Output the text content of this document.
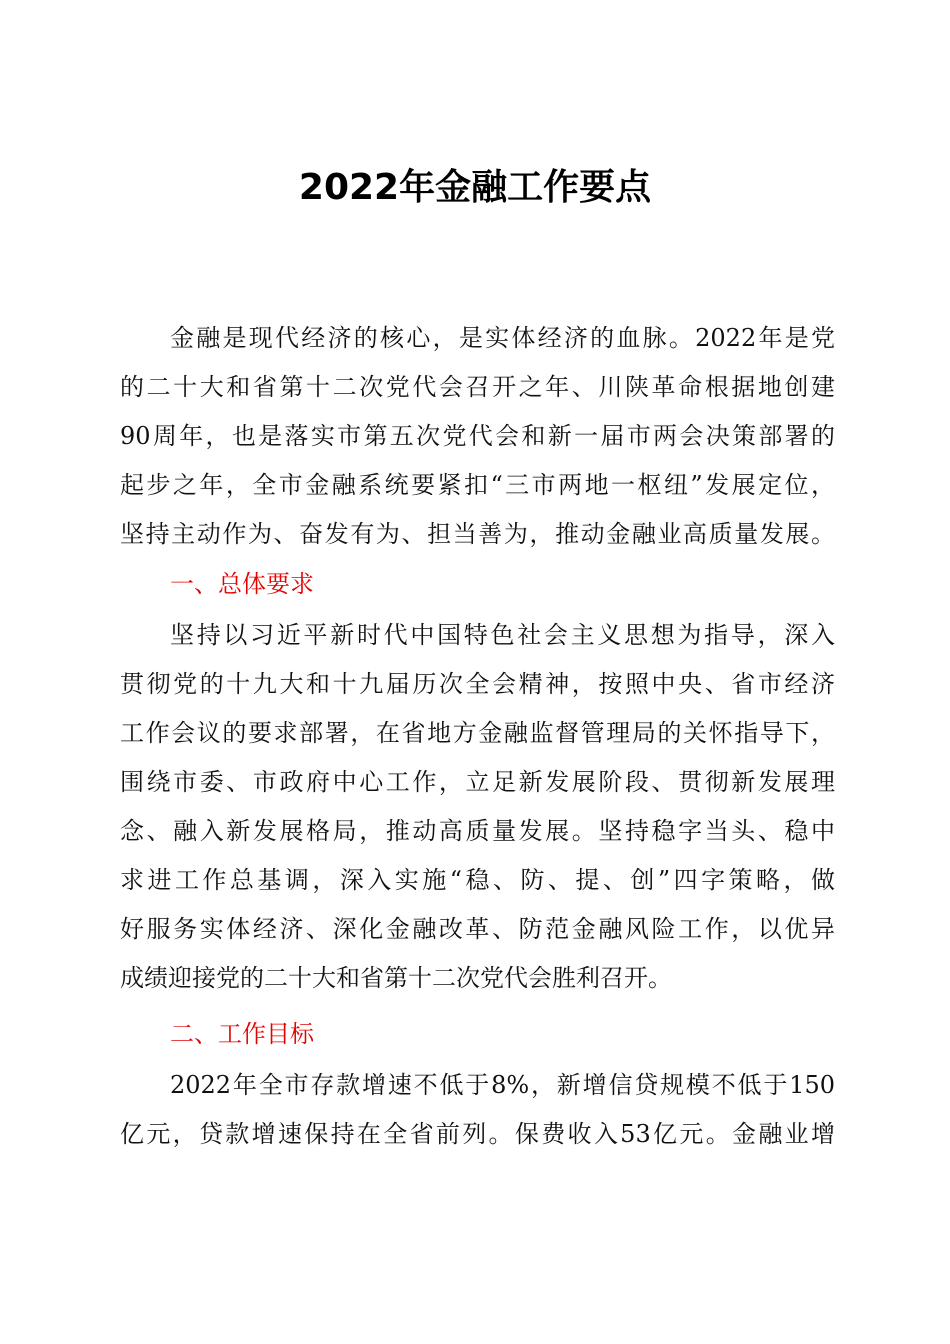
2022年金融工作要点
金融是现代经济的核心，是实体经济的血脉。2022年是党
的二十大和省第十二次党代会召开之年、川陕革命根据地创建
90周年，也是落实市第五次党代会和新一届市两会决策部署的
起步之年，全市金融系统要紧扣“三市两地一枢纽”发展定位，
坚持主动作为、奋发有为、担当善为，推动金融业高质量发展。
一、总体要求
坚持以习近平新时代中国特色社会主义思想为指导，深入
贯彻党的十九大和十九届历次全会精神，按照中央、省市经济
工作会议的要求部署，在省地方金融监督管理局的关怀指导下，
围绕市委、市政府中心工作，立足新发展阶段、贯彻新发展理
念、融入新发展格局，推动高质量发展。坚持稳字当头、稳中
求进工作总基调，深入实施“稳、防、提、创”四字策略，做
好服务实体经济、深化金融改革、防范金融风险工作，以优异
成绩迎接党的二十大和省第十二次党代会胜利召开。
二、工作目标
2022年全市存款增速不低于8%，新增信贷规模不低于150
亿元，贷款增速保持在全省前列。保费收入53亿元。金融业增
